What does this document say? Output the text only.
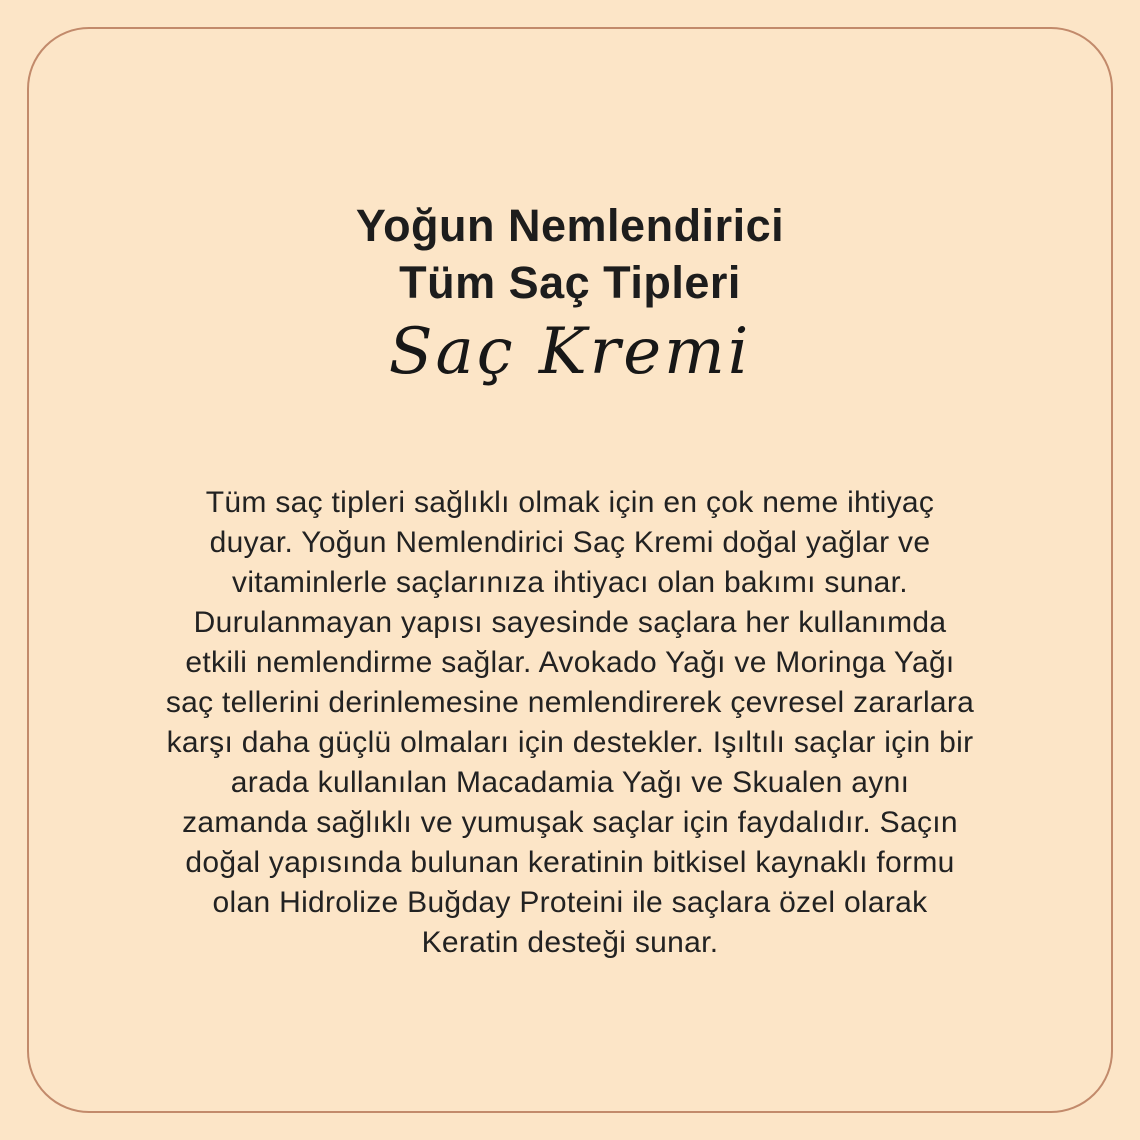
Yoğun Nemlendirici
Tüm Saç Tipleri
Saç Kremi
Tüm saç tipleri sağlıklı olmak için en çok neme ihtiyaç
duyar. Yoğun Nemlendirici Saç Kremi doğal yağlar ve
vitaminlerle saçlarınıza ihtiyacı olan bakımı sunar.
Durulanmayan yapısı sayesinde saçlara her kullanımda
etkili nemlendirme sağlar. Avokado Yağı ve Moringa Yağı
saç tellerini derinlemesine nemlendirerek çevresel zararlara
karşı daha güçlü olmaları için destekler. Işıltılı saçlar için bir
arada kullanılan Macadamia Yağı ve Skualen aynı
zamanda sağlıklı ve yumuşak saçlar için faydalıdır. Saçın
doğal yapısında bulunan keratinin bitkisel kaynaklı formu
olan Hidrolize Buğday Proteini ile saçlara özel olarak
Keratin desteği sunar.
